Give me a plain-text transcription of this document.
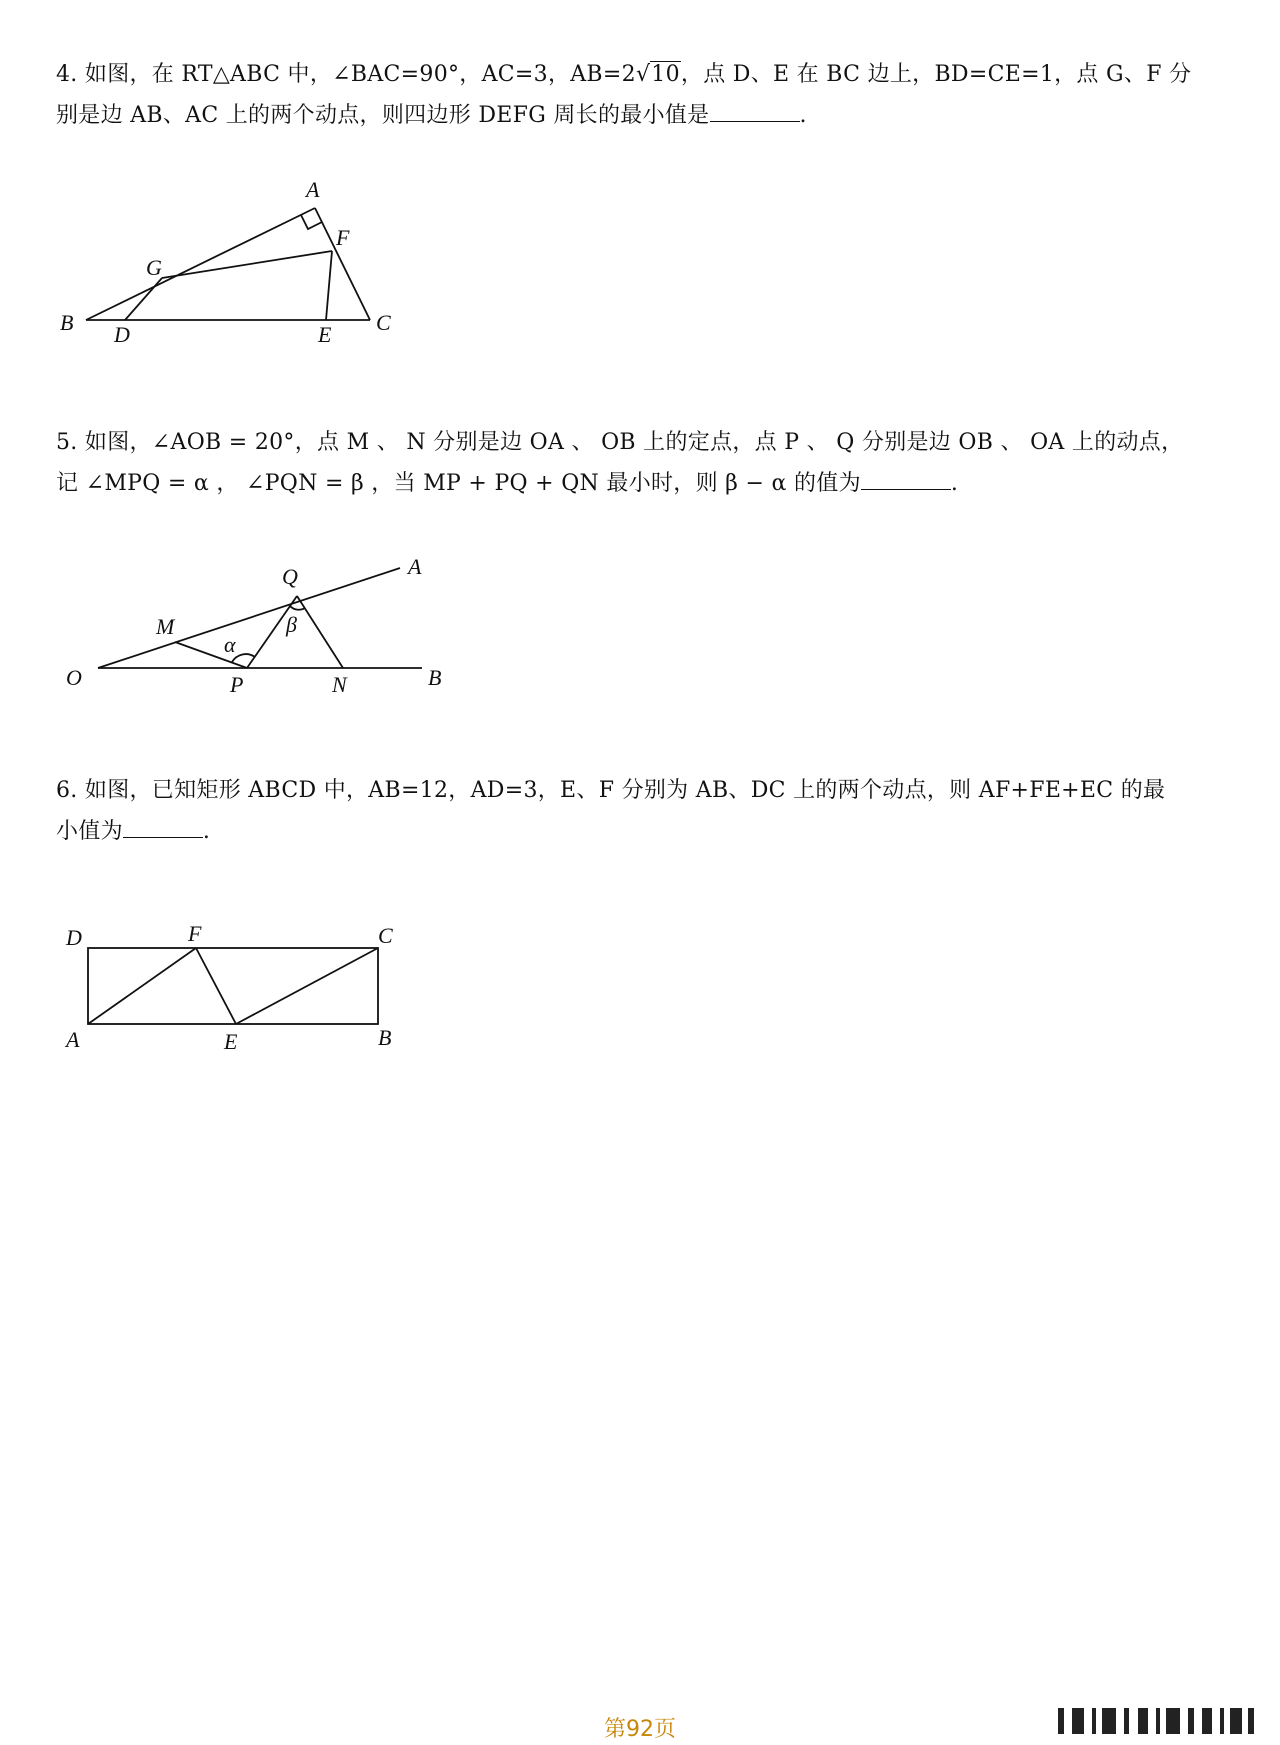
4. 如图，在 RT△ABC 中，∠BAC=90°，AC=3，AB=2√10，点 D、E 在 BC 边上，BD=CE=1，点 G、F 分

别是边 AB、AC 上的两个动点，则四边形 DEFG 周长的最小值是	.

A
B	C
D	E
F
G

5. 如图，∠AOB = 20°，点 M 、 N 分别是边 OA 、 OB 上的定点，点 P 、 Q 分别是边 OB 、 OA 上的动点，

记 ∠MPQ = α ， ∠PQN = β ，当 MP + PQ + QN 最小时，则 β − α 的值为	.

O
A
B
M
N
P
Q
α
β

6. 如图，已知矩形 ABCD 中，AB=12，AD=3，E、F 分别为 AB、DC 上的两个动点，则 AF+FE+EC 的最

小值为	.

D	F	C
A	E	B
第92页
